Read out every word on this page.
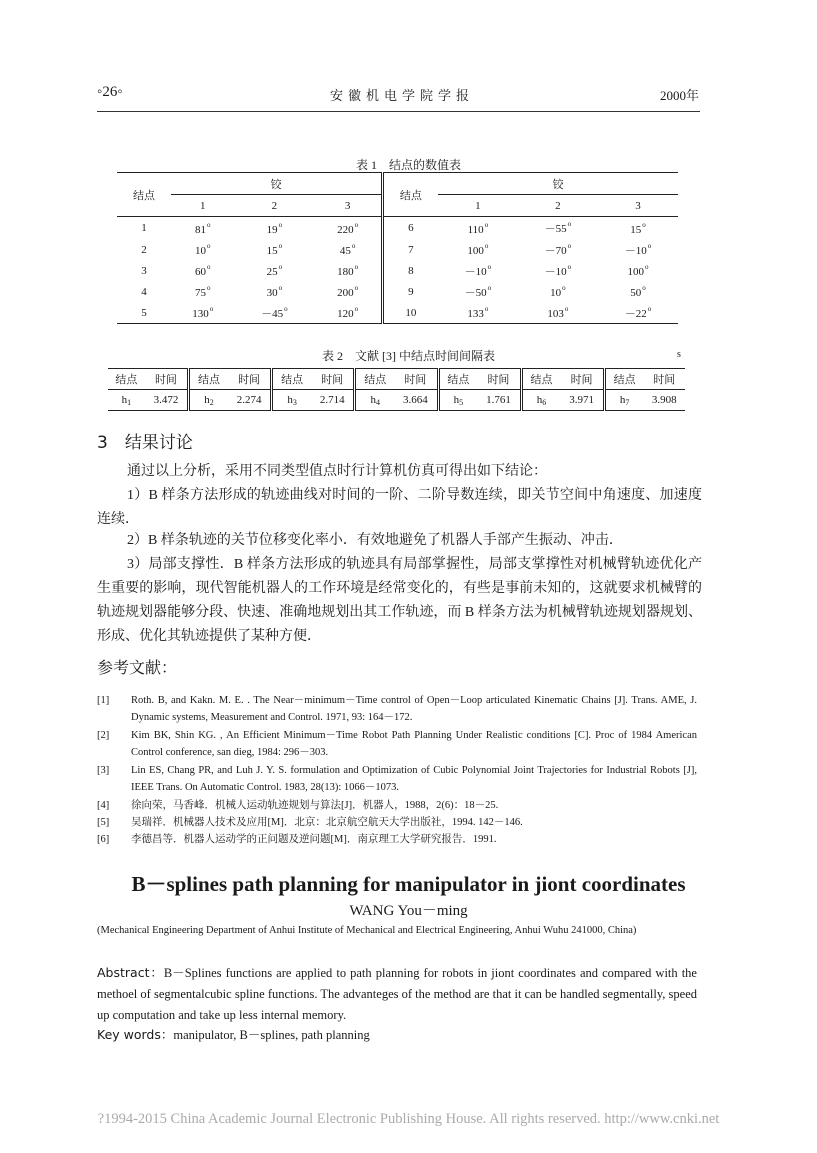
◦26◦	安徽机电学院学报	2000年
表 1　结点的数值表
结点	铰			结点	铰		
	1	2	3		1	2	3
1	81$^o$	19$^o$	220$^o$	6	$110^o$	$-55^o$	15$^o$
2	10$^o$	15$^o$	45$^o$	7	$100^o$	$-70^o$	$-10^o$
3	60$^o$	25$^o$	180$^o$	8	$-10^o$	$-10^o$	100$^o$
4	75$^o$	30$^o$	200$^o$	9	$-50^o$	10$^o$	50$^o$
5	$130^o$	$-45^o$	120$^o$	10	133$^o$	$103^o$	$-22^o$
表 2　文献 [3] 中结点时间间隔表	s
结点	时间	结点	时间	结点	时间	结点	时间	结点	时间	结点	时间	结点	时间
$h_1$	3.472	$h_2$	2.274	$h_3$	2.714	$h_4$	3.664	$h_5$	1.761	$h_6$	3.971	$h_7$	3.908
3　结果讨论
通过以上分析，采用不同类型值点时行计算机仿真可得出如下结论：
1）B 样条方法形成的轨迹曲线对时间的一阶、二阶导数连续，即关节空间中角速度、加速度连续．
2）B 样条轨迹的关节位移变化率小．有效地避免了机器人手部产生振动、冲击．
3）局部支撑性．B 样条方法形成的轨迹具有局部掌握性，局部支掌撑性对机械臂轨迹优化产生重要的影响，现代智能机器人的工作环境是经常变化的，有些是事前未知的，这就要求机械臂的轨迹规划器能够分段、快速、准确地规划出其工作轨迹，而 B 样条方法为机械臂轨迹规划器规划、形成、优化其轨迹提供了某种方便．
参考文献：
[1] Roth. B, and Kakn. M. E. . The Near－minimum－Time control of Open－Loop articulated Kinematic Chains [J]. Trans. AME, J. Dynamic systems, Measurement and Control. 1971, 93: 164－172.
[2] Kim BK, Shin KG. , An Efficient Minimum－Time Robot Path Planning Under Realistic conditions [C]. Proc of 1984 American Control conference, san dieg, 1984: 296－303.
[3] Lin ES, Chang PR, and Luh J. Y. S. formulation and Optimization of Cubic Polynomial Joint Trajectories for Industrial Robots [J], IEEE Trans. On Automatic Control. 1983, 28(13): 1066－1073.
[4] 徐向荣，马香峰．机械人运动轨迹规划与算法[J]．机器人，1988，2(6)：18－25.
[5] 吴瑞祥．机械器人技术及应用[M]．北京：北京航空航天大学出版社，1994. 142－146.
[6] 李德昌等．机器人运动学的正问题及逆问题[M]．南京理工大学研究报告．1991.
B－splines path planning for manipulator in jiont coordinates
WANG You－ming
(Mechanical Engineering Department of Anhui Institute of Mechanical and Electrical Engineering, Anhui Wuhu 241000, China)
Abstract：B－Splines functions are applied to path planning for robots in jiont coordinates and compared with the methoel of segmentalcubic spline functions. The advanteges of the method are that it can be handled segmentally, speed up computation and take up less internal memory.
Key words：manipulator, B－splines, path planning
?1994-2015 China Academic Journal Electronic Publishing House. All rights reserved. http://www.cnki.net
